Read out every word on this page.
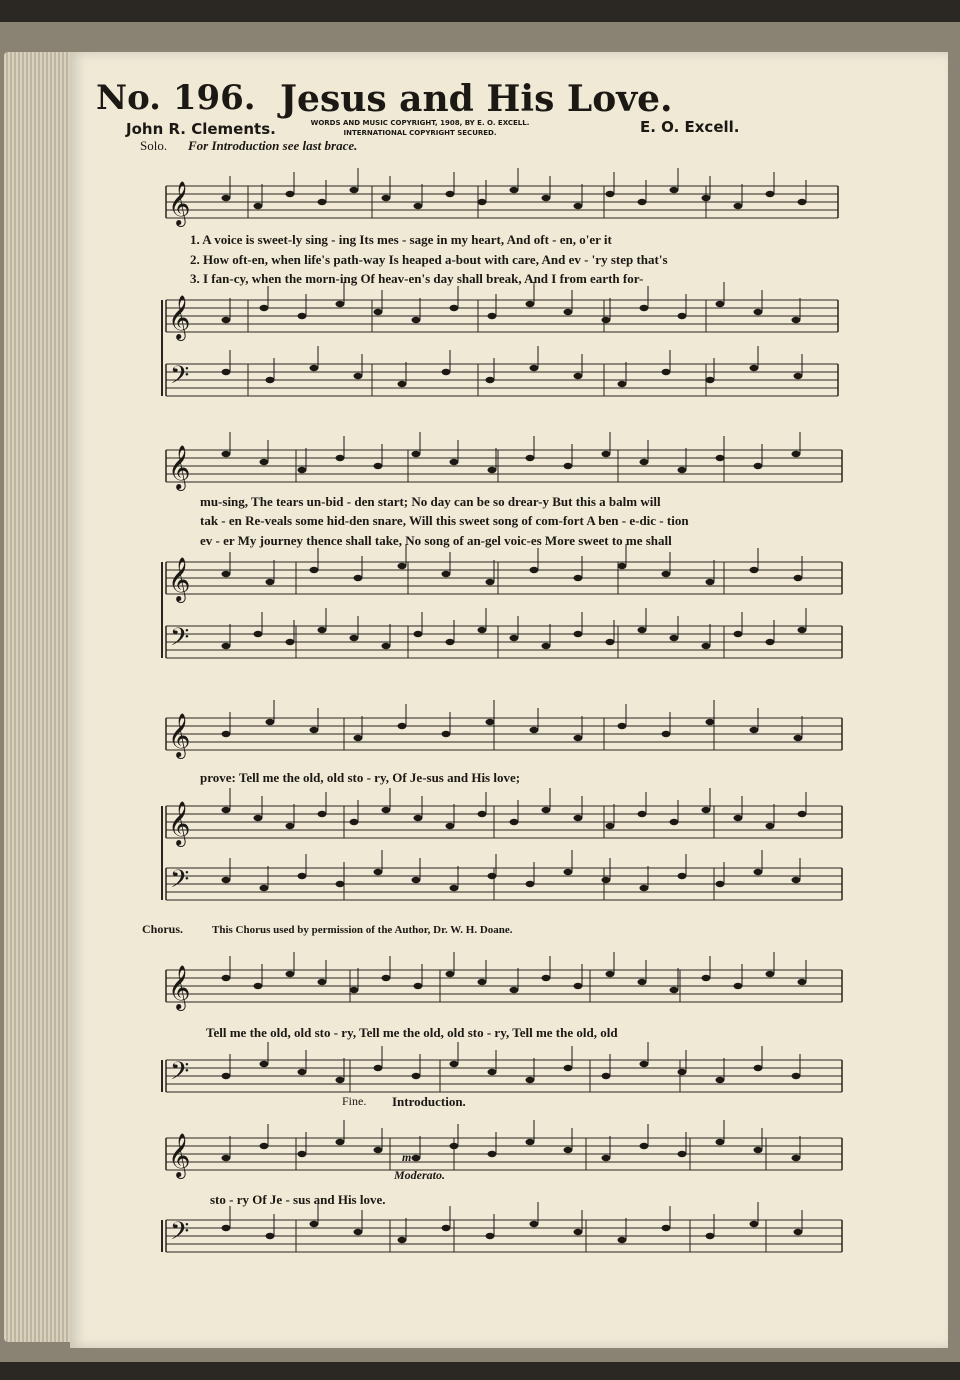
No. 196. Jesus and His Love.
John R. Clements.	WORDS AND MUSIC COPYRIGHT, 1908, BY E. O. EXCELL.
INTERNATIONAL COPYRIGHT SECURED.	E. O. Excell.
Solo. For Introduction see last brace.
𝄞
𝄞
𝄢
𝄞
𝄞
𝄢
𝄞
𝄞
𝄢
𝄞
𝄢
𝄞
𝄢
1. A voice is sweet-ly sing - ing Its mes - sage in my heart, And oft - en, o'er it
2. How oft-en, when life's path-way Is heaped a-bout with care, And ev - 'ry step that's
3. I fan-cy, when the morn-ing Of heav-en's day shall break, And I from earth for-
mu-sing, The tears un-bid - den start; No day can be so drear-y But this a balm will
tak - en Re-veals some hid-den snare, Will this sweet song of com-fort A ben - e-dic - tion
ev - er My journey thence shall take, No song of an-gel voic-es More sweet to me shall
prove: Tell me the old, old sto - ry, Of Je-sus and His love;
Chorus.	This Chorus used by permission of the Author, Dr. W. H. Doane.
Tell me the old, old sto - ry, Tell me the old, old sto - ry, Tell me the old, old
Fine. Introduction.
sto - ry Of Je - sus and His love.
m
Moderato.
